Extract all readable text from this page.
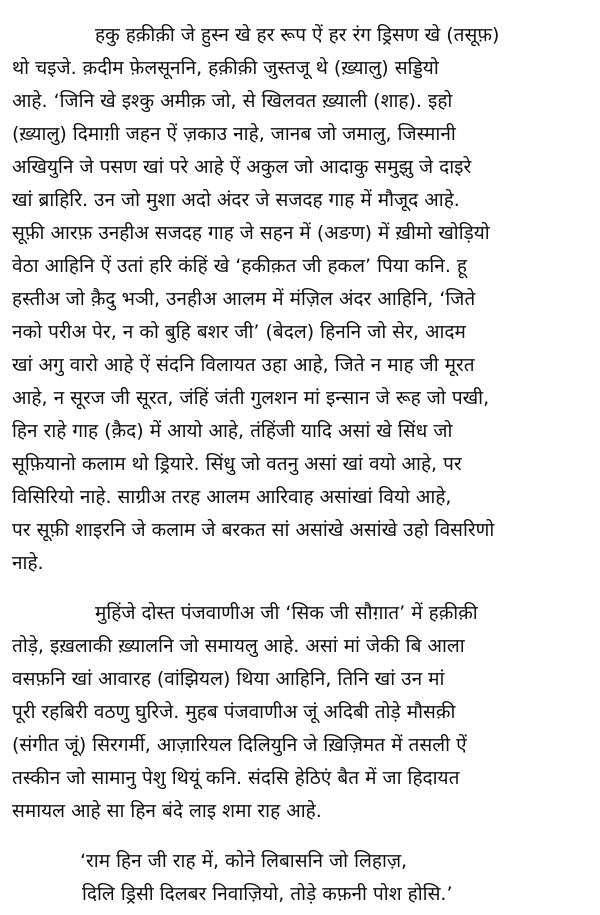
हकु हक़ीक़ी जे हुस्न खे हर रूप ऐं हर रंग ड्रिसण खे (तसूफ़)
थो चइजे. क़दीम फ़ेलसूननि, हक़ीक़ी जुस्तजू थे (ख़्यालु) सड्डियो
आहे. ‘जिनि खे इश्कु अमीक़ जो, से खिलवत ख़्याली (शाह). इहो
(ख़्यालु) दिमाग़ी जहन ऐं ज़काउ नाहे, जानब जो जमालु, जिस्मानी
अखियुनि जे पसण खां परे आहे ऐं अकुल जो आदाकु समुझु जे दाइरे
खां ब्राहिरि. उन जो मुशा अदो अंदर जे सजदह गाह में मौजूद आहे.
सूफ़ी आरफ़ उनहीअ सजदह गाह जे सहन में (अङण) में ख़ीमो खोड़ियो
वेठा आहिनि ऐं उतां हरि कंहिं खे ‘हकीक़त जी हकल’ पिया कनि. हू
हस्तीअ जो कै़दु भञी, उनहीअ आलम में मंज़िल अंदर आहिनि, ‘जिते
नको परीअ पेर, न को बुहि बशर जी’ (बेदल) हिननि जो सेर, आदम
खां अगु वारो आहे ऐं संदनि विलायत उहा आहे, जिते न माह जी मूरत
आहे, न सूरज जी सूरत, जंहिं जंती गुलशन मां इन्सान जे रूह जो पखी,
हिन राहे गाह (कै़द) में आयो आहे, तंहिंजी यादि असां खे सिंध जो
सूफ़ियानो कलाम थो ड्रियारे. सिंधु जो वतनु असां खां वयो आहे, पर
विसिरियो नाहे. साग्रीअ तरह आलम आरिवाह असांखां वियो आहे,
पर सूफ़ी शाइरनि जे कलाम जे बरकत सां असांखे असांखे उहो विसरिणो
नाहे.
मुहिंजे दोस्त पंजवाणीअ जी ‘सिक जी सौग़ात’ में हक़ीक़ी
तोड़े, इख़लाकी ख़्यालनि जो समायलु आहे. असां मां जेकी बि आला
वसफ़नि खां आवारह (वांझियल) थिया आहिनि, तिनि खां उन मां
पूरी रहबिरी वठणु घुरिजे. मुहब पंजवाणीअ जूं अदिबी तोड़े मौसक़ी
(संगीत जूं) सिरगर्मी, आज़ारियल दिलियुनि जे ख़िज़िमत में तसली ऐं
तस्कीन जो सामानु पेशु थियूं कनि. संदसि हेठिएं बैत में जा हिदायत
समायल आहे सा हिन बंदे लाइ शमा राह आहे.
‘राम हिन जी राह में, कोने लिबासनि जो लिहाज़,
दिलि ड्रिसी दिलबर निवाज़ियो, तोड़े कफ़नी पोश होसि.’
